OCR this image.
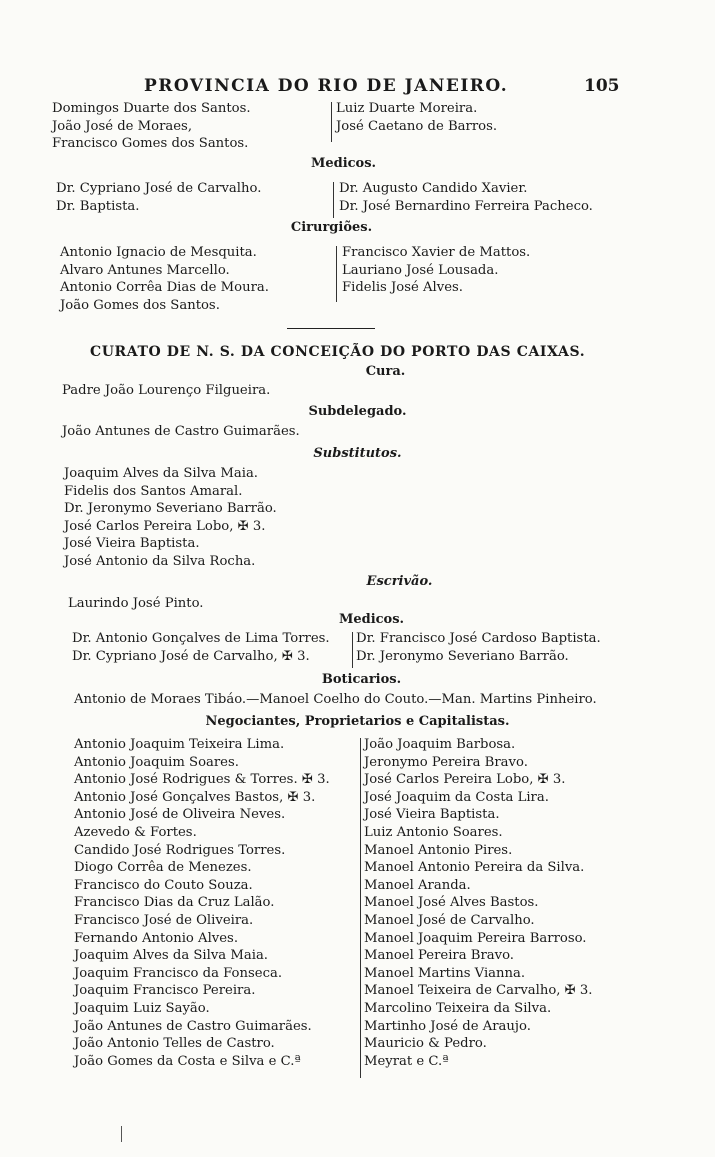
PROVINCIA DO RIO DE JANEIRO.	105
Domingos Duarte dos Santos.
João José de Moraes,
Francisco Gomes dos Santos.
Luiz Duarte Moreira.
José Caetano de Barros.
Medicos.
Dr. Cypriano José de Carvalho.
Dr. Baptista.
Dr. Augusto Candido Xavier.
Dr. José Bernardino Ferreira Pacheco.
Cirurgiões.
Antonio Ignacio de Mesquita.
Alvaro Antunes Marcello.
Antonio Corrêa Dias de Moura.
João Gomes dos Santos.
Francisco Xavier de Mattos.
Lauriano José Lousada.
Fidelis José Alves.
CURATO DE N. S. DA CONCEIÇÃO DO PORTO DAS CAIXAS.
Cura.
Padre João Lourenço Filgueira.
Subdelegado.
João Antunes de Castro Guimarães.
Substitutos.
Joaquim Alves da Silva Maia.
Fidelis dos Santos Amaral.
Dr. Jeronymo Severiano Barrão.
José Carlos Pereira Lobo, ✠ 3.
José Vieira Baptista.
José Antonio da Silva Rocha.
Escrivão.
Laurindo José Pinto.
Medicos.
Dr. Antonio Gonçalves de Lima Torres.
Dr. Cypriano José de Carvalho, ✠ 3.
Dr. Francisco José Cardoso Baptista.
Dr. Jeronymo Severiano Barrão.
Boticarios.
Antonio de Moraes Tibáo.—Manoel Coelho do Couto.—Man. Martins Pinheiro.
Negociantes, Proprietarios e Capitalistas.
Antonio Joaquim Teixeira Lima.
Antonio Joaquim Soares.
Antonio José Rodrigues & Torres. ✠ 3.
Antonio José Gonçalves Bastos, ✠ 3.
Antonio José de Oliveira Neves.
Azevedo & Fortes.
Candido José Rodrigues Torres.
Diogo Corrêa de Menezes.
Francisco do Couto Souza.
Francisco Dias da Cruz Lalão.
Francisco José de Oliveira.
Fernando Antonio Alves.
Joaquim Alves da Silva Maia.
Joaquim Francisco da Fonseca.
Joaquim Francisco Pereira.
Joaquim Luiz Sayão.
João Antunes de Castro Guimarães.
João Antonio Telles de Castro.
João Gomes da Costa e Silva e C.ª
João Joaquim Barbosa.
Jeronymo Pereira Bravo.
José Carlos Pereira Lobo, ✠ 3.
José Joaquim da Costa Lira.
José Vieira Baptista.
Luiz Antonio Soares.
Manoel Antonio Pires.
Manoel Antonio Pereira da Silva.
Manoel Aranda.
Manoel José Alves Bastos.
Manoel José de Carvalho.
Manoel Joaquim Pereira Barroso.
Manoel Pereira Bravo.
Manoel Martins Vianna.
Manoel Teixeira de Carvalho, ✠ 3.
Marcolino Teixeira da Silva.
Martinho José de Araujo.
Mauricio & Pedro.
Meyrat e C.ª
